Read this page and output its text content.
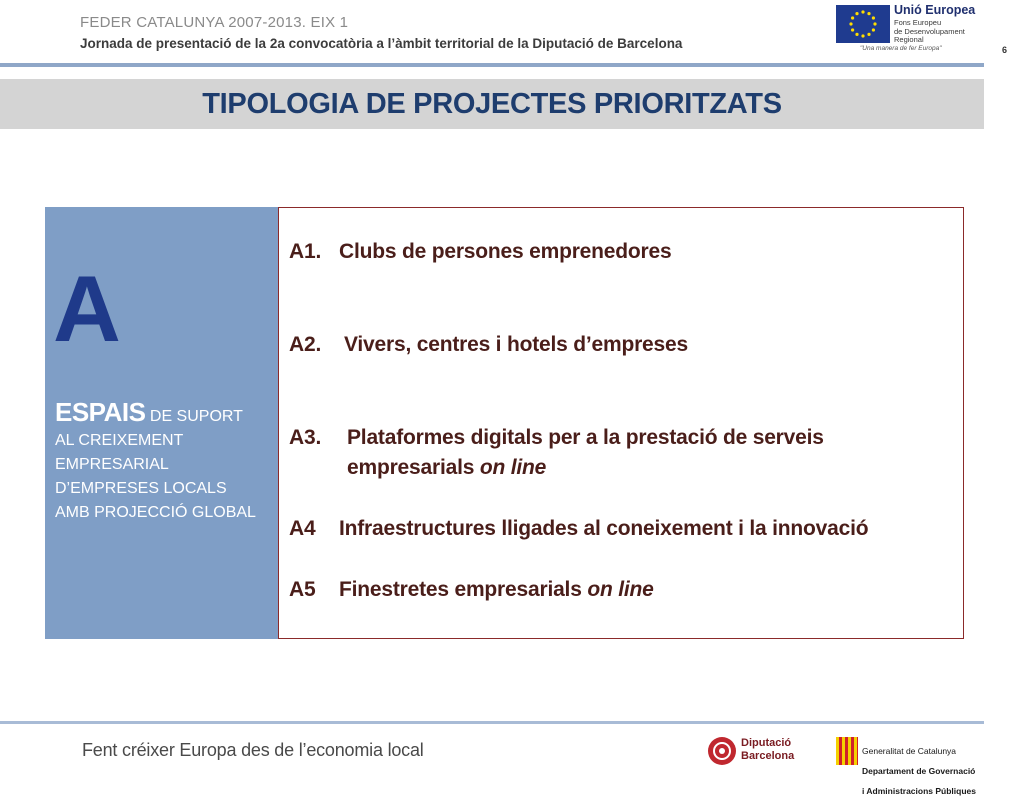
FEDER CATALUNYA 2007-2013. EIX 1
Jornada de presentació de la 2a convocatòria a l’àmbit territorial de la Diputació de Barcelona
Unió Europea
Fons Europeu
de Desenvolupament
Regional
"Una manera de fer Europa"	6
TIPOLOGIA DE PROJECTES PRIORITZATS
A
ESPAIS DE SUPORT
AL CREIXEMENT
EMPRESARIAL
D’EMPRESES LOCALS
AMB PROJECCIÓ GLOBAL
A1. Clubs de persones emprenedores
A2. Vivers, centres i hotels d’empreses
A3. Plataformes digitals per a la prestació de serveis
empresarials on line
A4 Infraestructures lligades al coneixement i la innovació
A5 Finestretes empresarials on line
Fent créixer Europa des de l’economia local	Diputació
Barcelona	Generalitat de Catalunya

Departament de Governació

i Administracions Públiques
